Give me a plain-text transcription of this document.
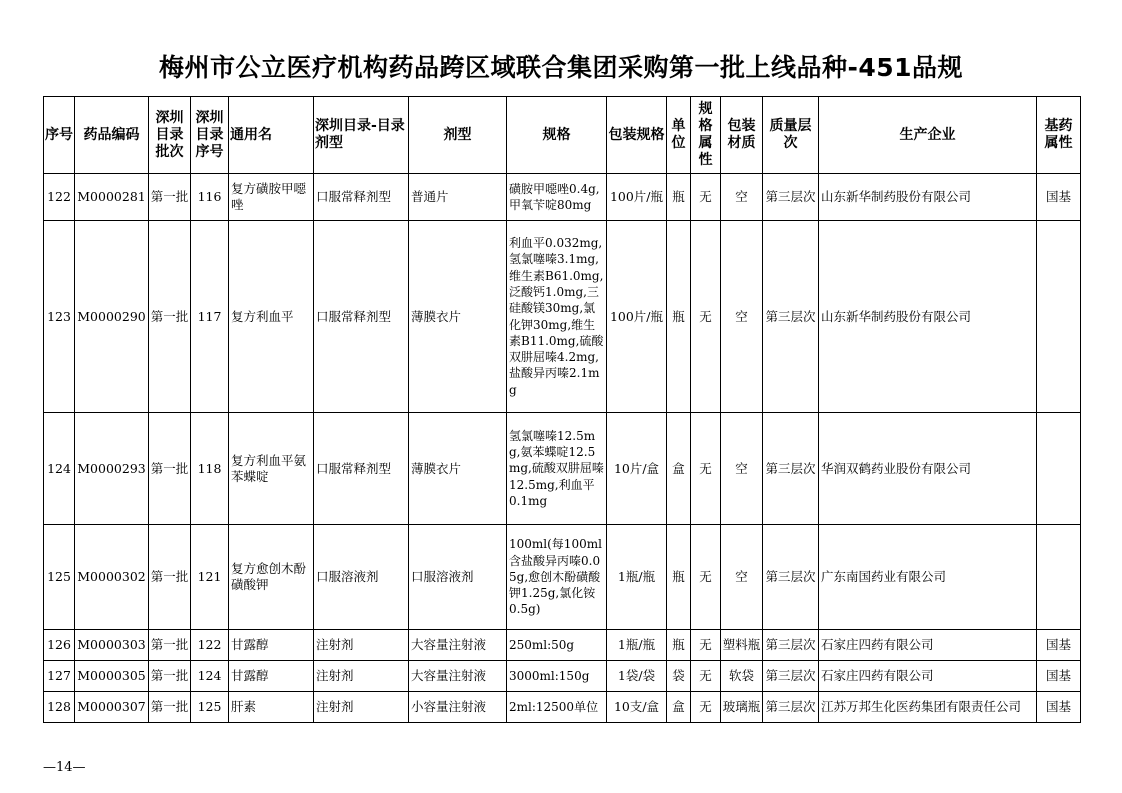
梅州市公立医疗机构药品跨区域联合集团采购第一批上线品种-451品规
序号	药品编码	深圳目录批次	深圳目录序号	通用名	深圳目录-目录剂型	剂型	规格	包装规格	单位	规格属性	包装材质	质量层次	生产企业	基药属性
122	M0000281	第一批	116	复方磺胺甲噁唑	口服常释剂型	普通片	磺胺甲噁唑0.4g,甲氧苄啶80mg	100片/瓶	瓶	无	空	第三层次	山东新华制药股份有限公司	国基
123	M0000290	第一批	117	复方利血平	口服常释剂型	薄膜衣片	利血平0.032mg,氢氯噻嗪3.1mg,维生素B61.0mg,泛酸钙1.0mg,三硅酸镁30mg,氯化钾30mg,维生素B11.0mg,硫酸双肼屈嗪4.2mg,盐酸异丙嗪2.1mg	100片/瓶	瓶	无	空	第三层次	山东新华制药股份有限公司	
124	M0000293	第一批	118	复方利血平氨苯蝶啶	口服常释剂型	薄膜衣片	氢氯噻嗪12.5mg,氨苯蝶啶12.5mg,硫酸双肼屈嗪12.5mg,利血平0.1mg	10片/盒	盒	无	空	第三层次	华润双鹤药业股份有限公司	
125	M0000302	第一批	121	复方愈创木酚磺酸钾	口服溶液剂	口服溶液剂	100ml(每100ml含盐酸异丙嗪0.05g,愈创木酚磺酸钾1.25g,氯化铵0.5g)	1瓶/瓶	瓶	无	空	第三层次	广东南国药业有限公司	
126	M0000303	第一批	122	甘露醇	注射剂	大容量注射液	250ml:50g	1瓶/瓶	瓶	无	塑料瓶	第三层次	石家庄四药有限公司	国基
127	M0000305	第一批	124	甘露醇	注射剂	大容量注射液	3000ml:150g	1袋/袋	袋	无	软袋	第三层次	石家庄四药有限公司	国基
128	M0000307	第一批	125	肝素	注射剂	小容量注射液	2ml:12500单位	10支/盒	盒	无	玻璃瓶	第三层次	江苏万邦生化医药集团有限责任公司	国基
—14—
